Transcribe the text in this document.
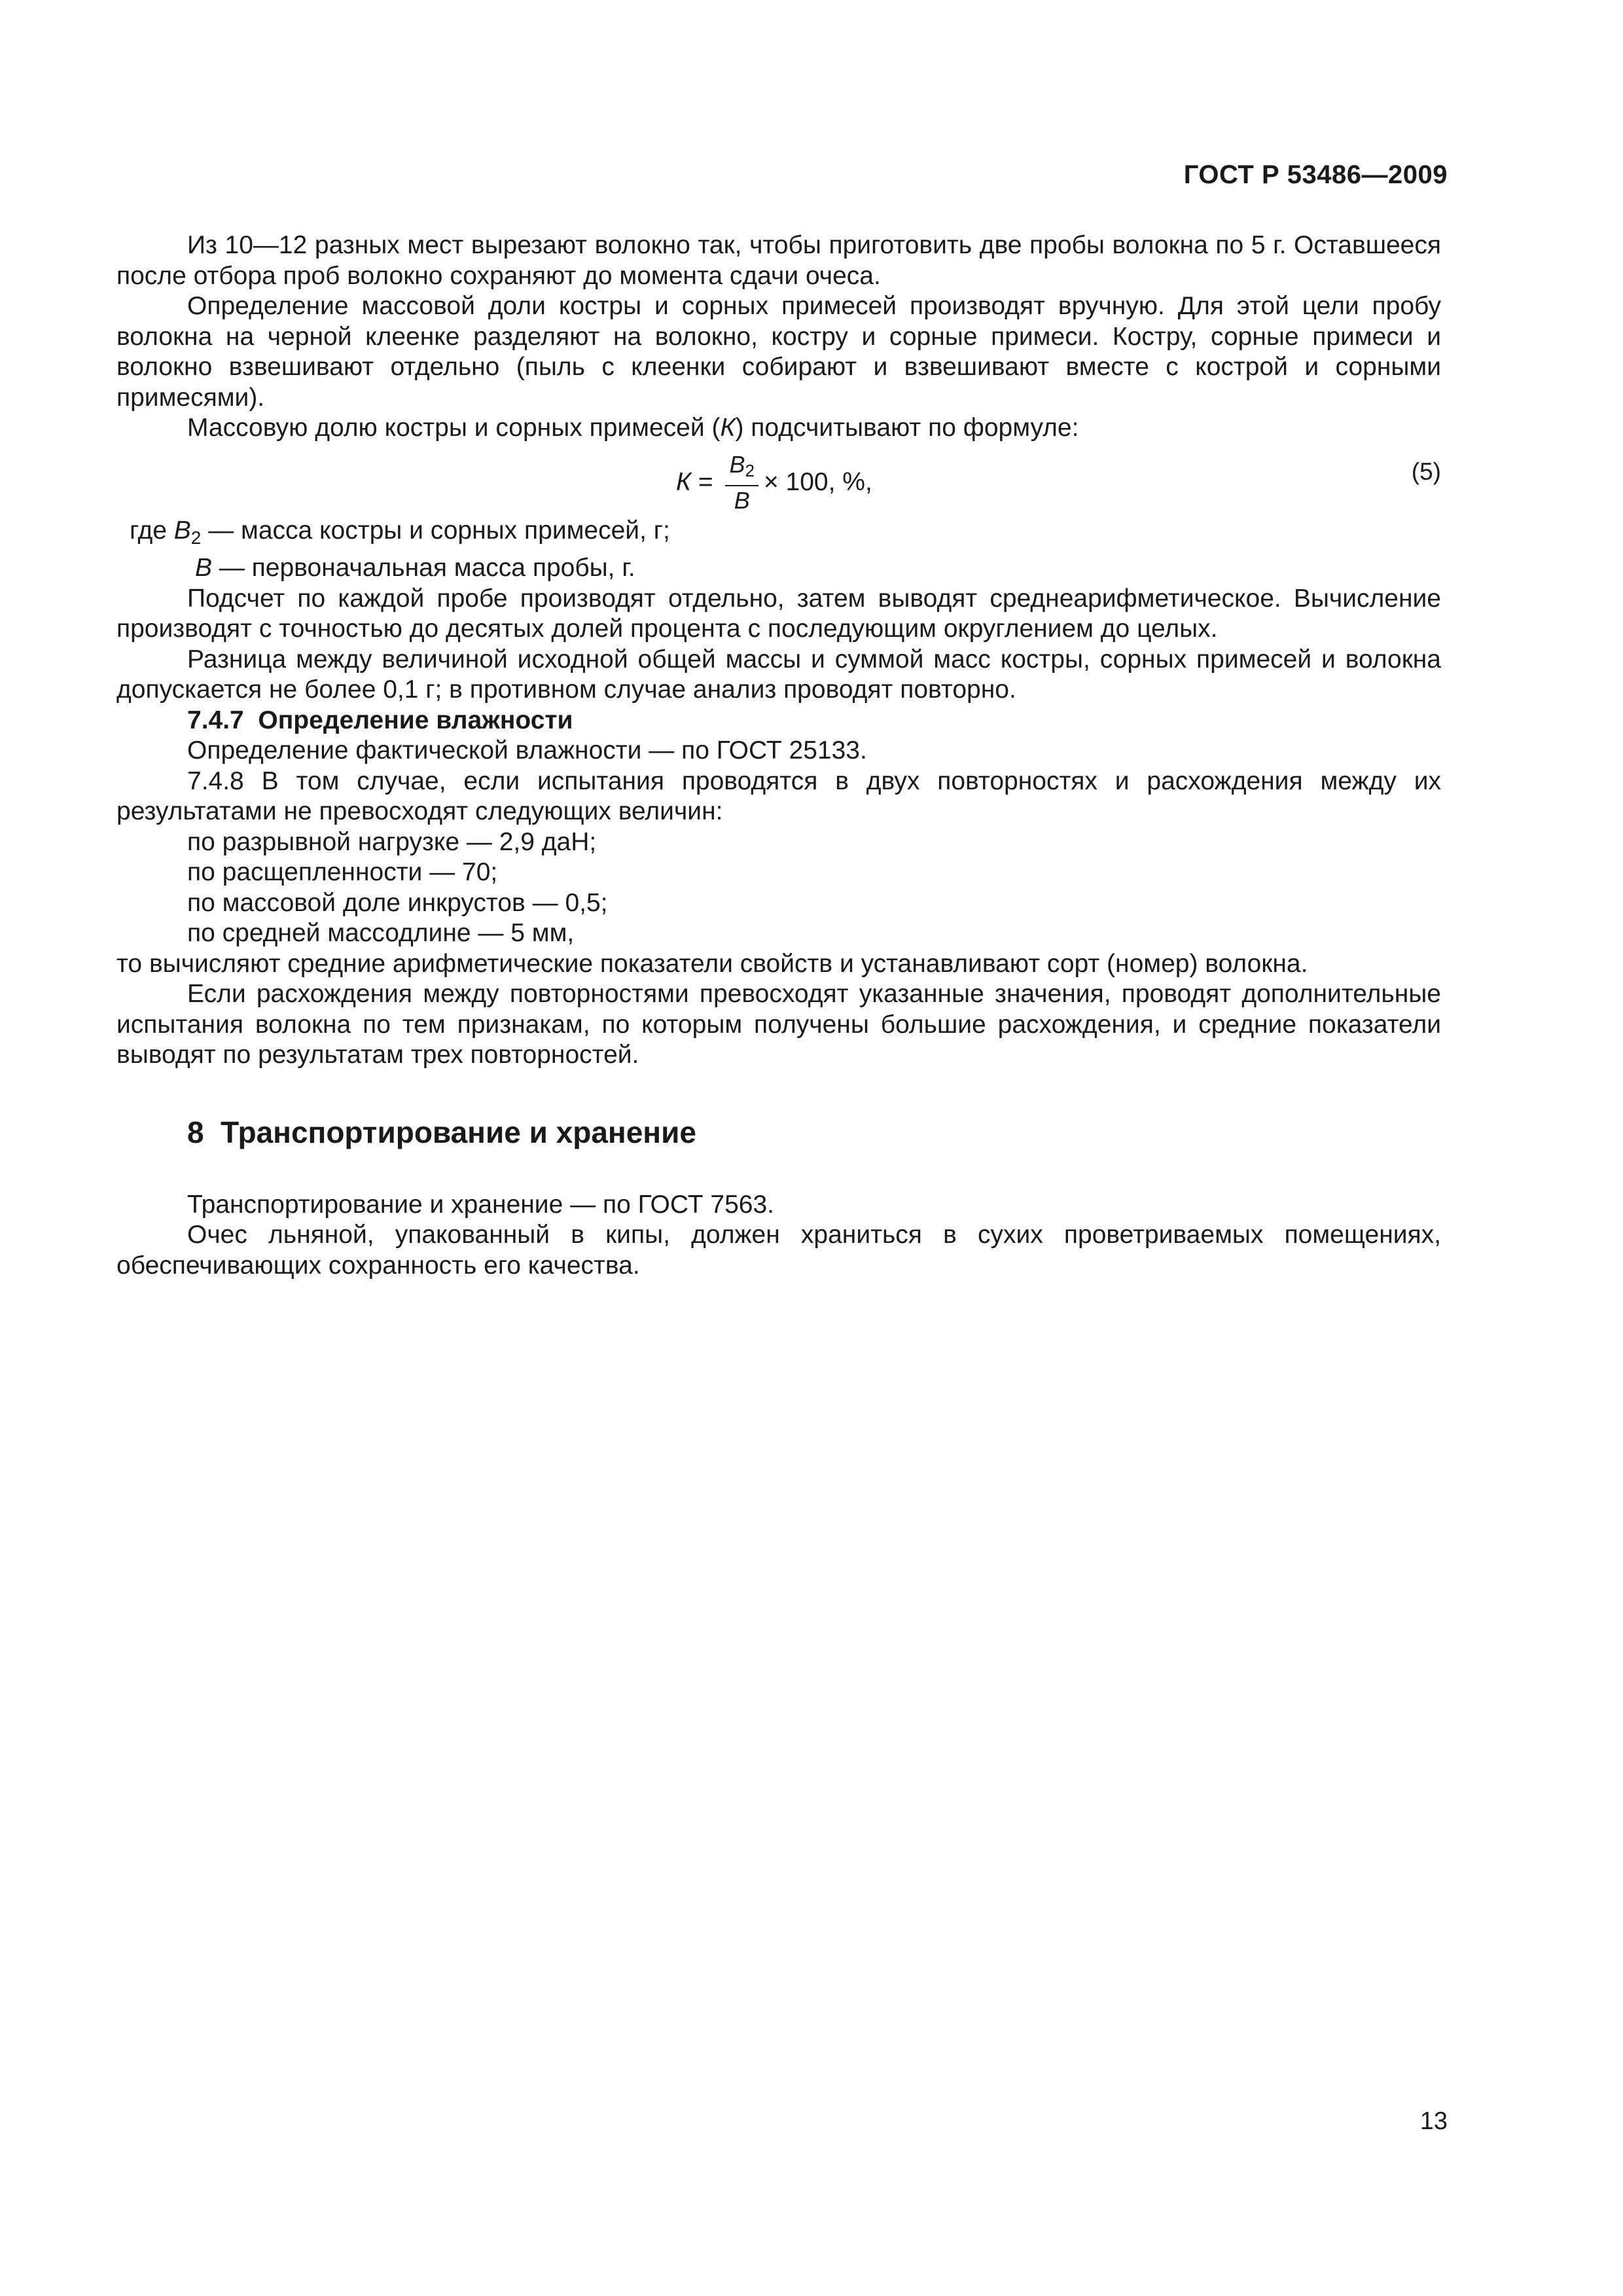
ГОСТ Р 53486—2009

Из 10—12 разных мест вырезают волокно так, чтобы приготовить две пробы волокна по 5 г. Оставшееся после отбора проб волокно сохраняют до момента сдачи очеса.

Определение массовой доли костры и сорных примесей производят вручную. Для этой цели пробу волокна на черной клеенке разделяют на волокно, костру и сорные примеси. Костру, сорные примеси и волокно взвешивают отдельно (пыль с клеенки собирают и взвешивают вместе с кострой и сорными примесями).

Массовую долю костры и сорных примесей (К) подсчитывают по формуле:

$К = \frac{В_2}{В} \times 100$, %,	(5)
где $В_2$ — масса костры и сорных примесей, г;
В — первоначальная масса пробы, г.

Подсчет по каждой пробе производят отдельно, затем выводят среднеарифметическое. Вычисление производят с точностью до десятых долей процента с последующим округлением до целых.

Разница между величиной исходной общей массы и суммой масс костры, сорных примесей и волокна допускается не более 0,1 г; в противном случае анализ проводят повторно.

7.4.7  Определение влажности

Определение фактической влажности — по ГОСТ 25133.

7.4.8 В том случае, если испытания проводятся в двух повторностях и расхождения между их результатами не превосходят следующих величин:

по разрывной нагрузке — 2,9 даН;

по расщепленности — 70;

по массовой доле инкрустов — 0,5;

по средней массодлине — 5 мм,

то вычисляют средние арифметические показатели свойств и устанавливают сорт (номер) волокна.

Если расхождения между повторностями превосходят указанные значения, проводят дополнительные испытания волокна по тем признакам, по которым получены большие расхождения, и средние показатели выводят по результатам трех повторностей.

8  Транспортирование и хранение

Транспортирование и хранение — по ГОСТ 7563.

Очес льняной, упакованный в кипы, должен храниться в сухих проветриваемых помещениях, обеспечивающих сохранность его качества.

13
